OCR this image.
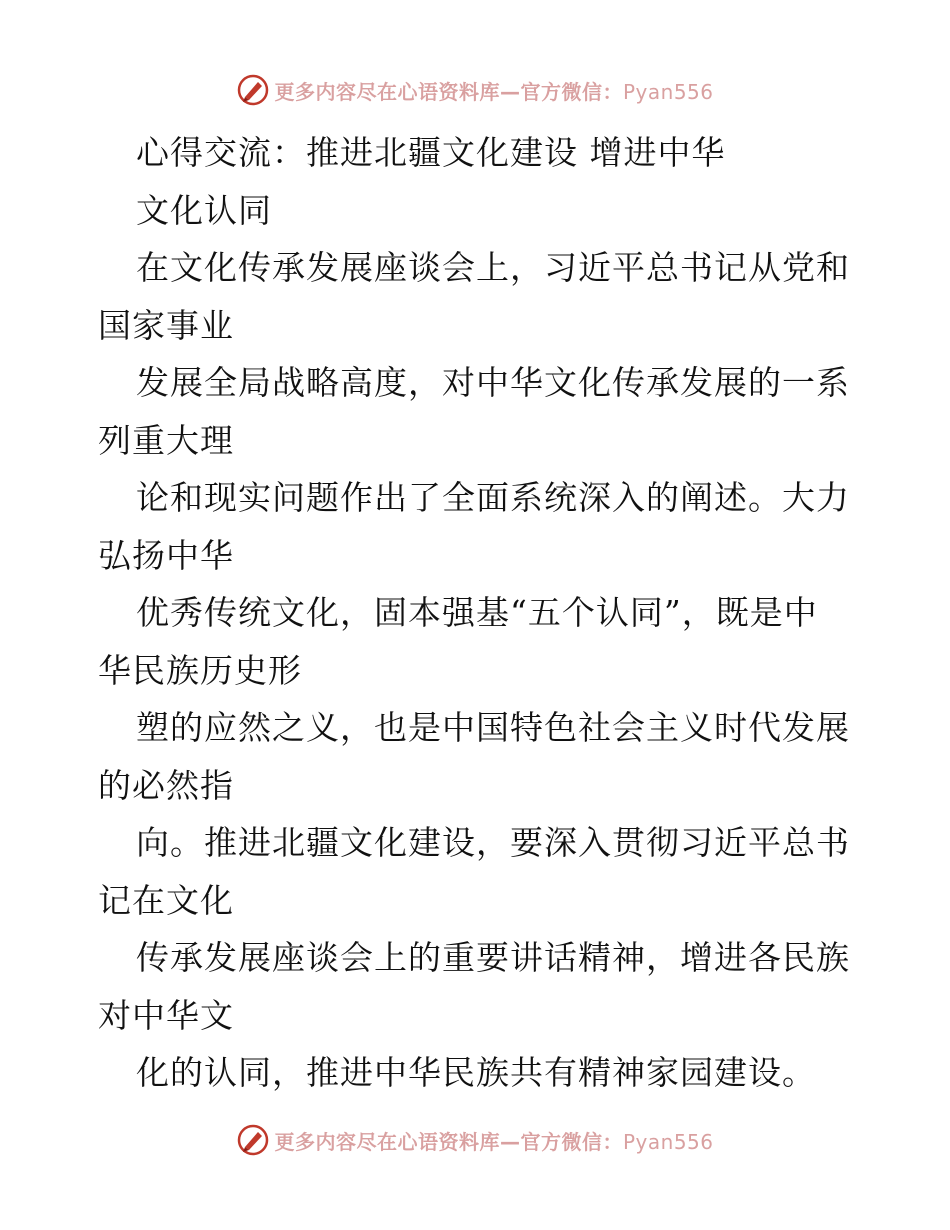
更多内容尽在心语资料库—官方微信：Pyan556
心得交流：推进北疆文化建设 增进中华
文化认同
在文化传承发展座谈会上，习近平总书记从党和
国家事业
发展全局战略高度，对中华文化传承发展的一系
列重大理
论和现实问题作出了全面系统深入的阐述。大力
弘扬中华
优秀传统文化，固本强基“五个认同”，既是中
华民族历史形
塑的应然之义，也是中国特色社会主义时代发展
的必然指
向。推进北疆文化建设，要深入贯彻习近平总书
记在文化
传承发展座谈会上的重要讲话精神，增进各民族
对中华文
化的认同，推进中华民族共有精神家园建设。
更多内容尽在心语资料库—官方微信：Pyan556
